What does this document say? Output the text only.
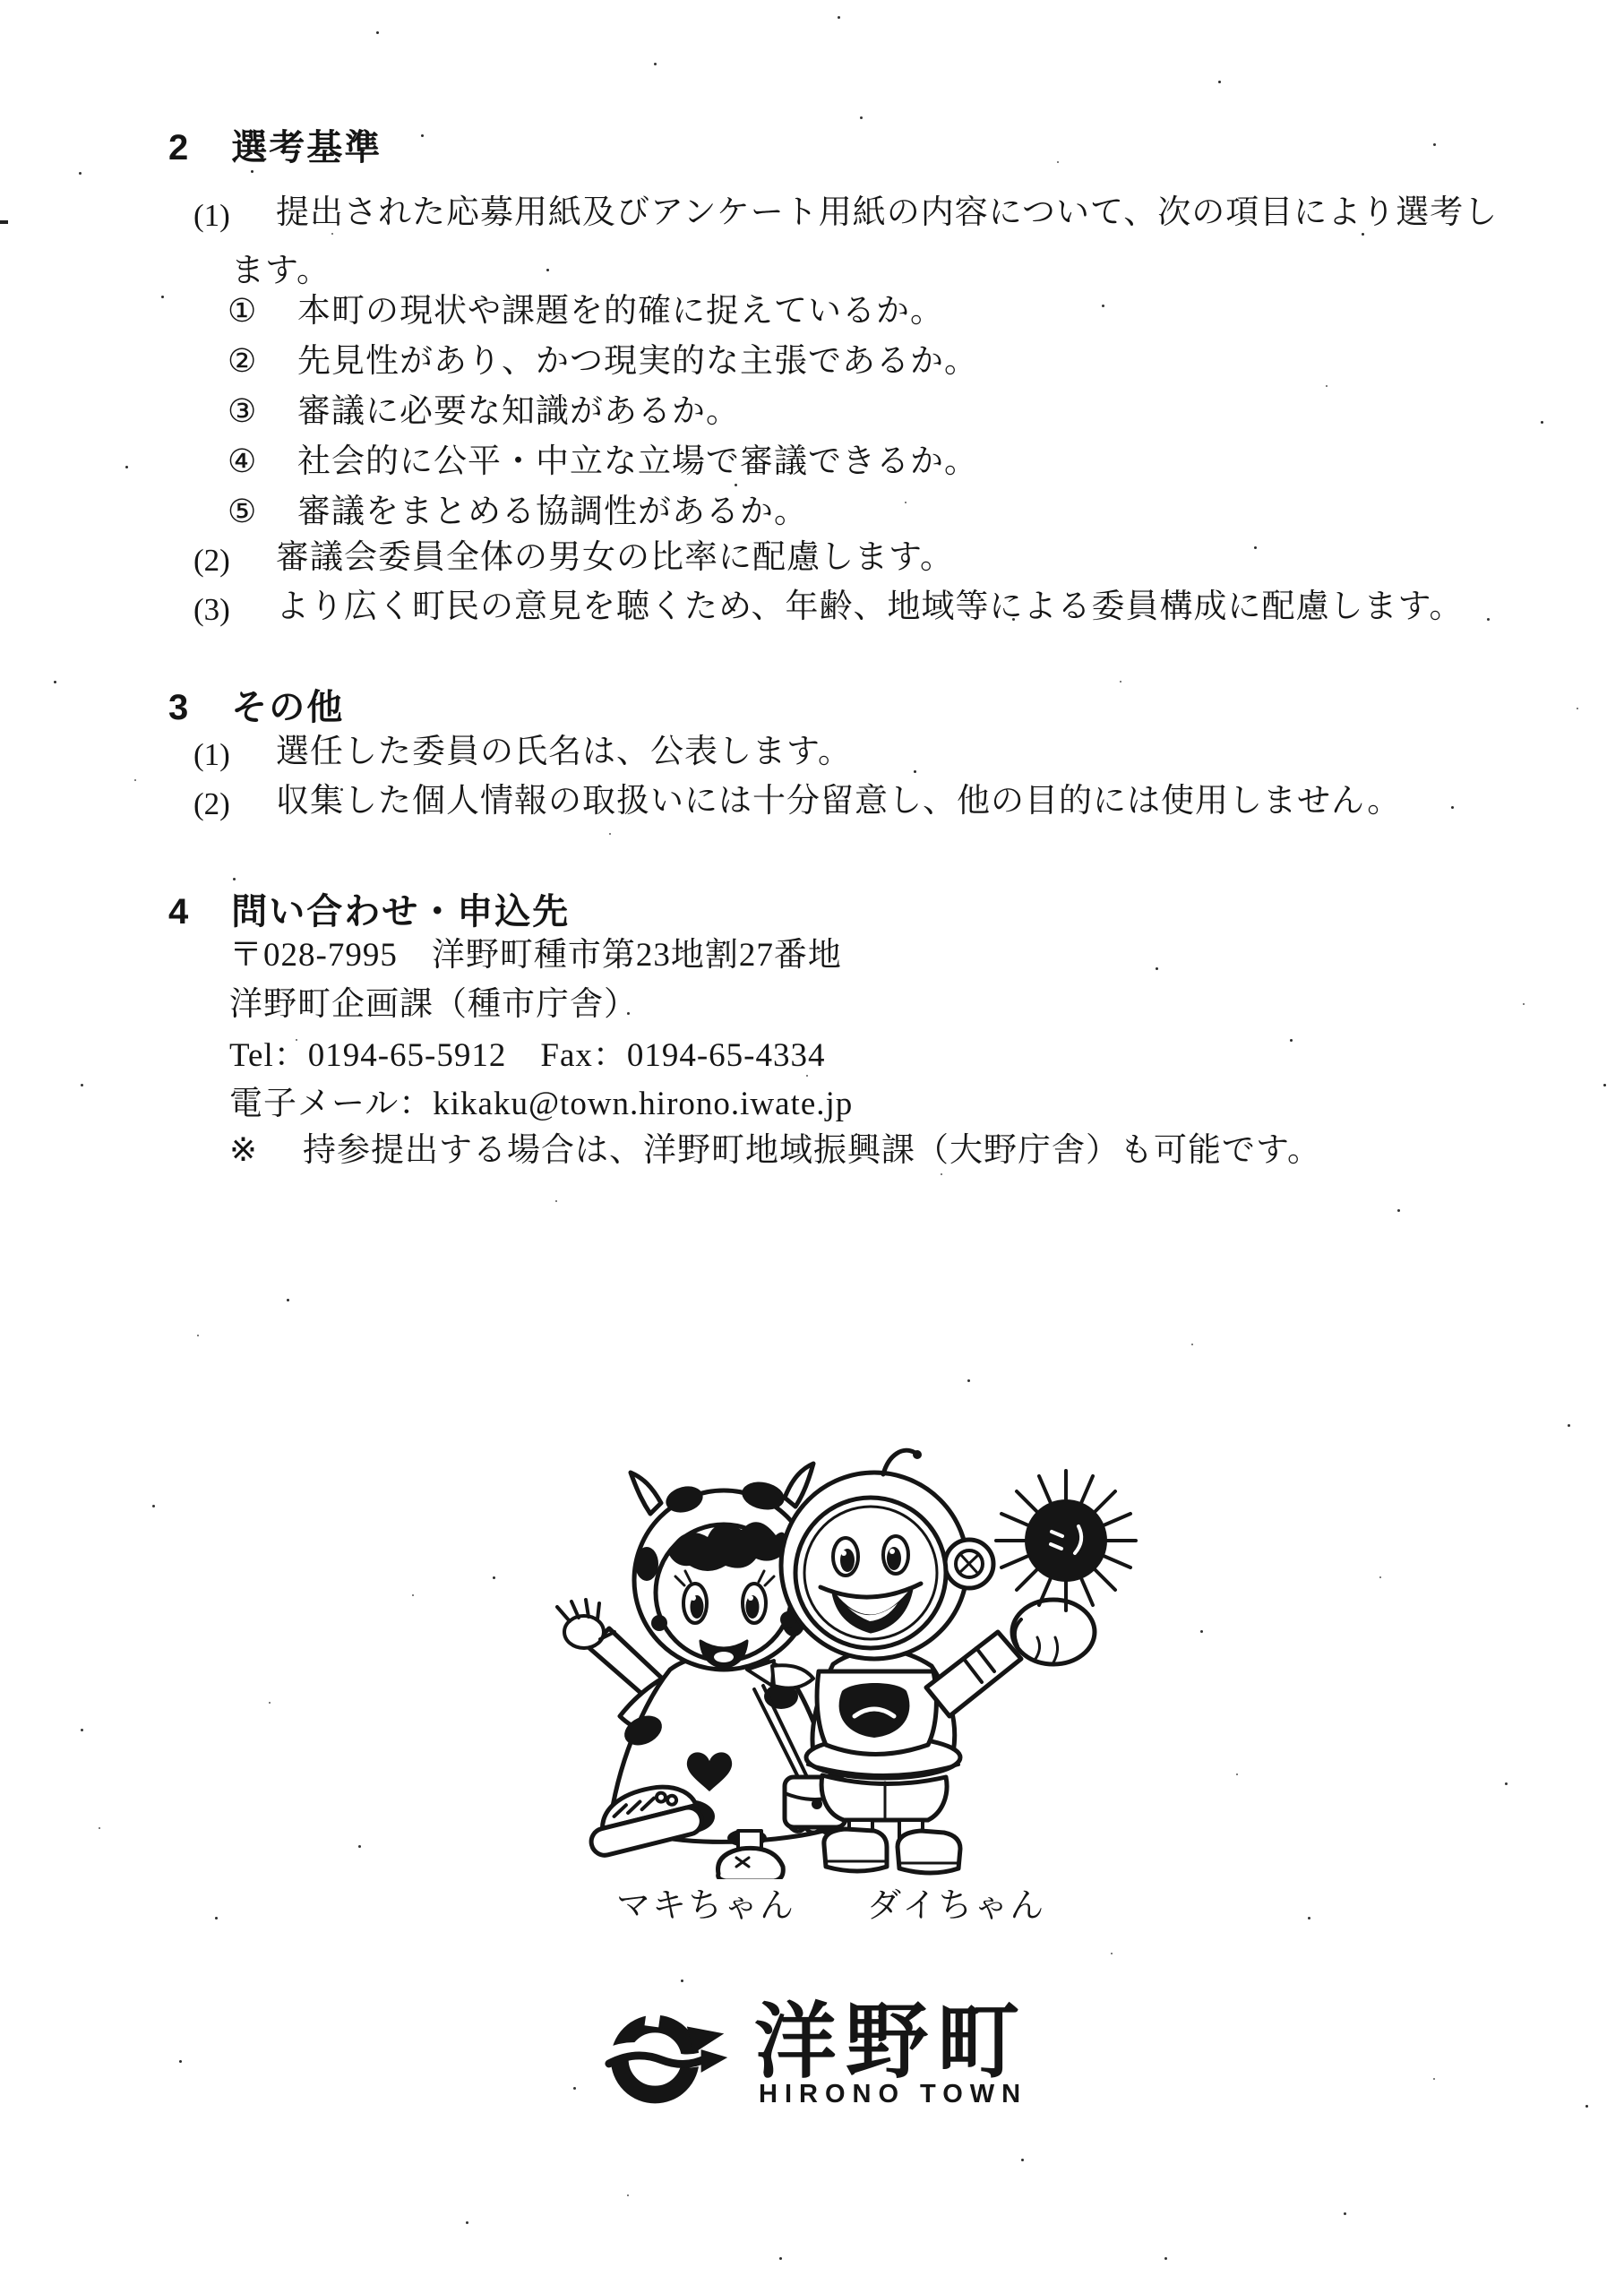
2 選考基準
(1) 提出された応募用紙及びアンケート用紙の内容について、次の項目により選考し
ます。
① 本町の現状や課題を的確に捉えているか。
② 先見性があり、かつ現実的な主張であるか。
③ 審議に必要な知識があるか。
④ 社会的に公平・中立な立場で審議できるか。
⑤ 審議をまとめる協調性があるか。
(2) 審議会委員全体の男女の比率に配慮します。
(3) より広く町民の意見を聴くため、年齢、地域等による委員構成に配慮します。
3 その他
(1) 選任した委員の氏名は、公表します。
(2) 収集した個人情報の取扱いには十分留意し、他の目的には使用しません。
4 問い合わせ・申込先
〒028-7995　洋野町種市第23地割27番地
洋野町企画課（種市庁舎）
Tel：0194-65-5912　Fax：0194-65-4334
電子メール：kikaku@town.hirono.iwate.jp
※ 持参提出する場合は、洋野町地域振興課（大野庁舎）も可能です。
マキちゃん ダイちゃん
洋野町
HIRONO TOWN
